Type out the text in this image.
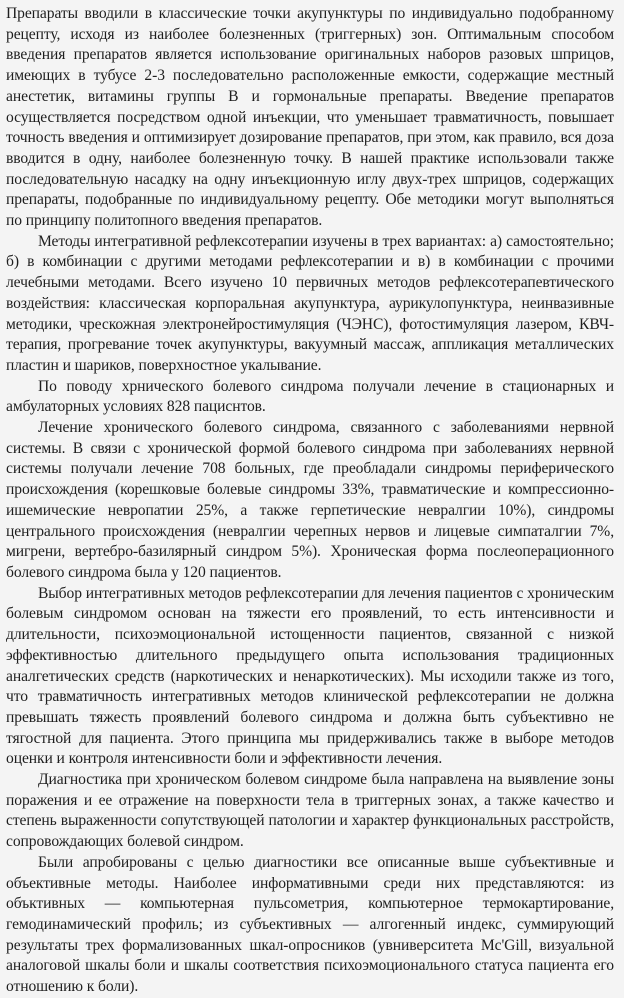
Препараты вводили в классические точки акупунктуры по индивидуально подобранному рецепту, исходя из наиболее болезненных (триггерных) зон. Оптимальным способом введения препаратов является использование оригинальных наборов разовых шприцов, имеющих в тубусе 2-3 последовательно расположенные емкости, содержащие местный анестетик, витамины группы В и гормональные препараты. Введение препаратов осуществляется посредством одной инъекции, что уменьшает травматичность, повышает точность введения и оптимизирует дозирование препаратов, при этом, как правило, вся доза вводится в одну, наиболее болезненную точку. В нашей практике использовали также последовательную насадку на одну инъекционную иглу двух-трех шприцов, содержащих препараты, подобранные по индивидуальному рецепту. Обе методики могут выполняться по принципу политопного введения препаратов.

Методы интегративной рефлексотерапии изучены в трех вариантах: а) самостоятельно; б) в комбинации с другими методами рефлексотерапии и в) в комбинации с прочими лечебными методами. Всего изучено 10 первичных методов рефлексотерапевтического воздействия: классическая корпоральная акупунктура, аурикулопунктура, неинвазивные методики, чрескожная электронейростимуляция (ЧЭНС), фотостимуляция лазером, КВЧ-терапия, прогревание точек акупунктуры, вакуумный массаж, аппликация металлических пластин и шариков, поверхностное укалывание.

По поводу хрнического болевого синдрома получали лечение в стационарных и амбулаторных условиях 828 пациснтов.

Лечение хронического болевого синдрома, связанного с заболеваниями нервной системы. В связи с хронической формой болевого синдрома при заболеваниях нервной системы получали лечение 708 больных, где преобладали синдромы периферического происхождения (корешковые болевые синдромы 33%, травматические и компрессионно-ишемические невропатии 25%, а также герпетические невралгии 10%), синдромы центрального происхождения (невралгии черепных нервов и лицевые симпаталгии 7%, мигрени, вертебро-базилярный синдром 5%). Хроническая форма послеоперационного болевого синдрома была у 120 пациентов.

Выбор интегративных методов рефлексотерапии для лечения пациентов с хроническим болевым синдромом основан на тяжести его проявлений, то есть интенсивности и длительности, психоэмоциональной истощенности пациентов, связанной с низкой эффективностью длительного предыдущего опыта использования традиционных аналгетических средств (наркотических и ненаркотических). Мы исходили также из того, что травматичность интегративных методов клинической рефлексотерапии не должна превышать тяжесть проявлений болевого синдрома и должна быть субъективно не тягостной для пациента. Этого принципа мы придерживались также в выборе методов оценки и контроля интенсивности боли и эффективности лечения.

Диагностика при хроническом болевом синдроме была направлена на выявление зоны поражения и ее отражение на поверхности тела в триггерных зонах, а также качество и степень выраженности сопутствующей патологии и характер функциональных расстройств, сопровождающих болевой синдром.

Были апробированы с целью диагностики все описанные выше субъективные и объективные методы. Наиболее информативными среди них представляются: из объктивных — компьютерная пульсометрия, компьютерное термокартирование, гемодинамический профиль; из субъективных — алгогенный индекс, суммирующий результаты трех формализованных шкал-опросников (увниверситета Mc'Gill, визуальной аналоговой шкалы боли и шкалы соответствия психоэмоционального статуса пациента его отношению к боли).
